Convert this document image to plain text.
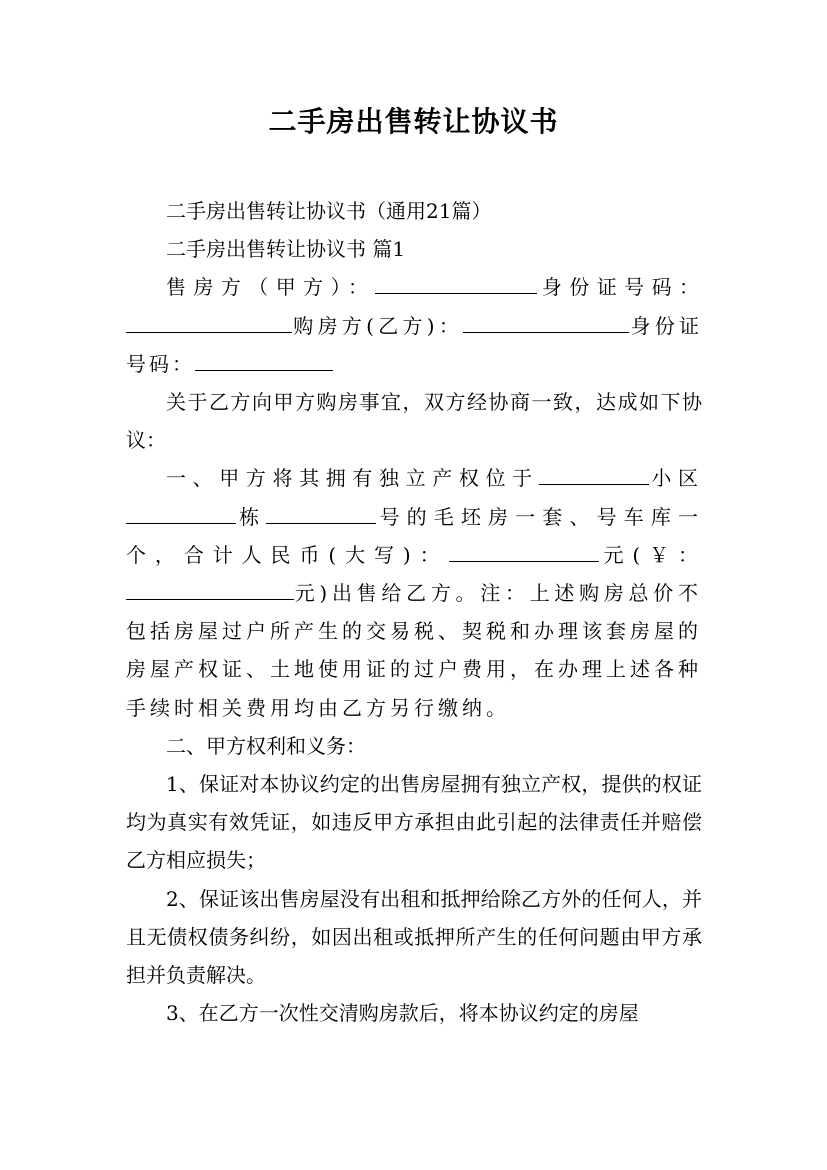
二手房出售转让协议书

二手房出售转让协议书（通用21篇）

二手房出售转让协议书 篇1

售房方（甲方）：	身份证号码：购房方(乙方)：	身份证号码：

关于乙方向甲方购房事宜，双方经协商一致，达成如下协议：

一、甲方将其拥有独立产权位于	小区栋	号的毛坯房一套、号车库一个，合计人民币(大写)：	元(￥：元)出售给乙方。注：上述购房总价不包括房屋过户所产生的交易税、契税和办理该套房屋的房屋产权证、土地使用证的过户费用，在办理上述各种手续时相关费用均由乙方另行缴纳。

二、甲方权利和义务：

1、保证对本协议约定的出售房屋拥有独立产权，提供的权证均为真实有效凭证，如违反甲方承担由此引起的法律责任并赔偿乙方相应损失；

2、保证该出售房屋没有出租和抵押给除乙方外的任何人，并且无债权债务纠纷，如因出租或抵押所产生的任何问题由甲方承担并负责解决。

3、在乙方一次性交清购房款后，将本协议约定的房屋
